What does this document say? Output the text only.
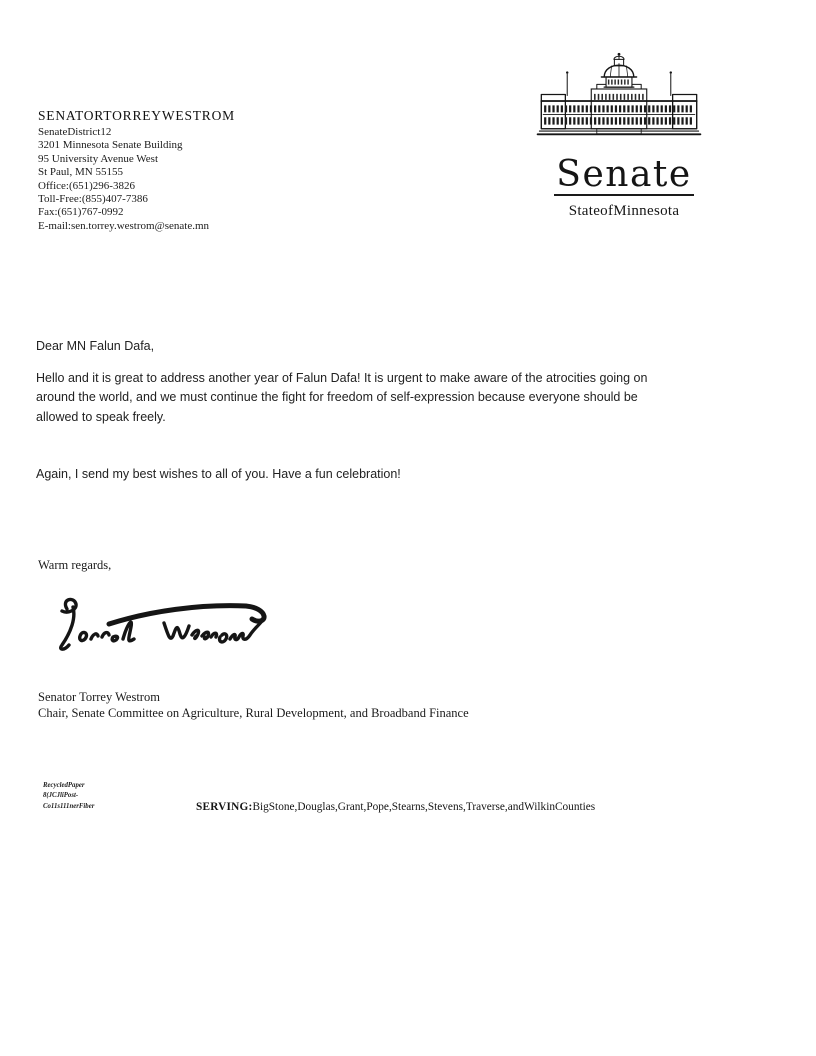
SENATORTORREYWESTROM
SenateDistrict12
3201 Minnesota Senate Building
95 University Avenue West
St Paul, MN 55155
Office:(651)296-3826
Toll-Free:(855)407-7386
Fax:(651)767-0992
E-mail:sen.torrey.westrom@senate.mn
Senate
StateofMinnesota
Dear MN Falun Dafa,
Hello and it is great to address another year of Falun Dafa! It is urgent to make aware of the atrocities going on
around the world, and we must continue the fight for freedom of self-expression because everyone should be
allowed to speak freely.
Again, I send my best wishes to all of you. Have a fun celebration!
Warm regards,
Senator Torrey Westrom
Chair, Senate Committee on Agriculture, Rural Development, and Broadband Finance
RecycledPaper
8(JCJliPost-
Co11s111nerFiber	SERVING:BigStone,Douglas,Grant,Pope,Stearns,Stevens,Traverse,andWilkinCounties
